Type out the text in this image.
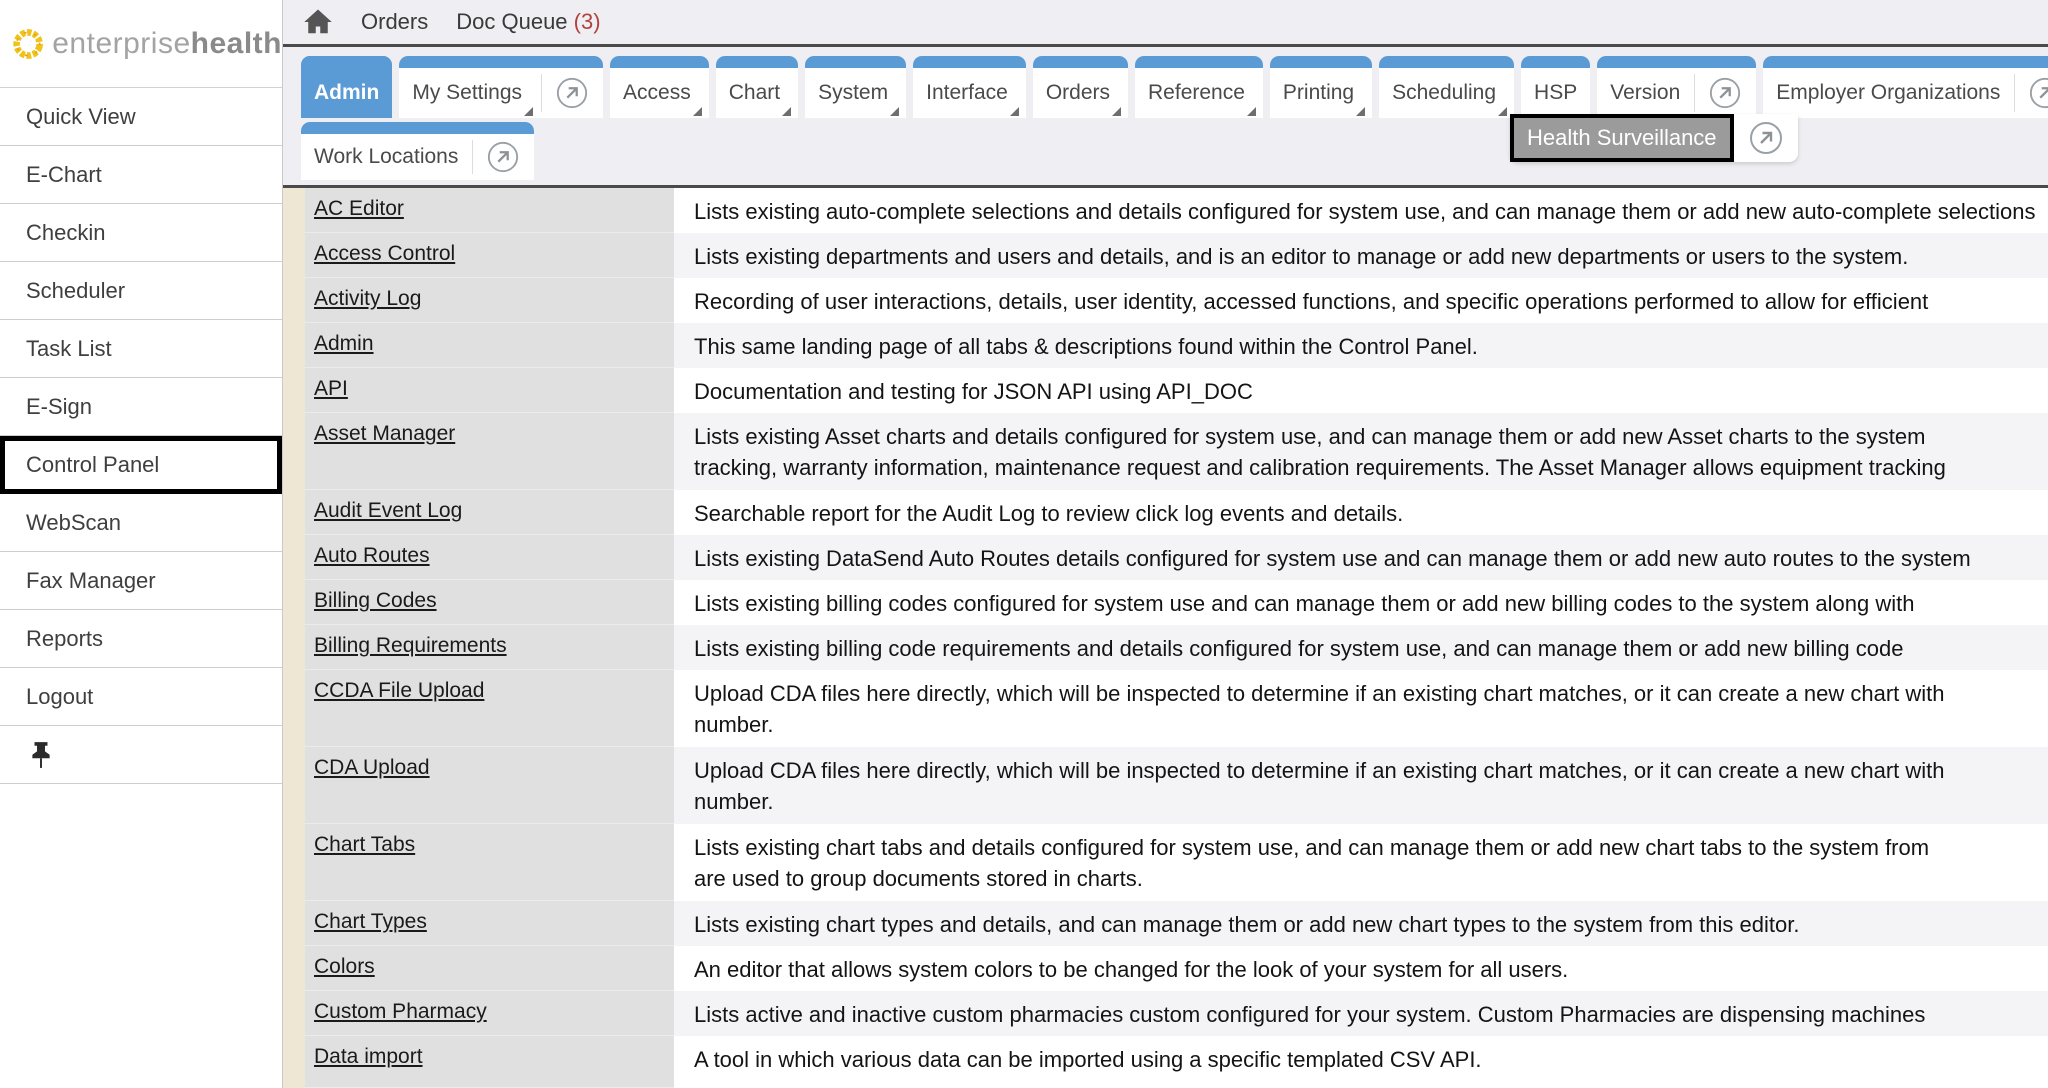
enterprisehealth
Quick View
E-Chart
Checkin
Scheduler
Task List
E-Sign
Control Panel
WebScan
Fax Manager
Reports
Logout
Orders Doc Queue (3)
Admin My Settings	Access Chart System Interface Orders Reference Printing Scheduling HSP Version	Employer Organizations
Work Locations
Health Surveillance
AC Editor	Lists existing auto-complete selections and details configured for system use, and can manage them or add new auto-complete selections
Access Control	Lists existing departments and users and details, and is an editor to manage or add new departments or users to the system.
Activity Log	Recording of user interactions, details, user identity, accessed functions, and specific operations performed to allow for efficient
Admin	This same landing page of all tabs & descriptions found within the Control Panel.
API	Documentation and testing for JSON API using API_DOC
Asset Manager	Lists existing Asset charts and details configured for system use, and can manage them or add new Asset charts to the system
tracking, warranty information, maintenance request and calibration requirements. The Asset Manager allows equipment tracking
Audit Event Log	Searchable report for the Audit Log to review click log events and details.
Auto Routes	Lists existing DataSend Auto Routes details configured for system use and can manage them or add new auto routes to the system
Billing Codes	Lists existing billing codes configured for system use and can manage them or add new billing codes to the system along with
Billing Requirements	Lists existing billing code requirements and details configured for system use, and can manage them or add new billing code
CCDA File Upload	Upload CDA files here directly, which will be inspected to determine if an existing chart matches, or it can create a new chart with
number.
CDA Upload	Upload CDA files here directly, which will be inspected to determine if an existing chart matches, or it can create a new chart with
number.
Chart Tabs	Lists existing chart tabs and details configured for system use, and can manage them or add new chart tabs to the system from
are used to group documents stored in charts.
Chart Types	Lists existing chart types and details, and can manage them or add new chart types to the system from this editor.
Colors	An editor that allows system colors to be changed for the look of your system for all users.
Custom Pharmacy	Lists active and inactive custom pharmacies custom configured for your system. Custom Pharmacies are dispensing machines
Data import	A tool in which various data can be imported using a specific templated CSV API.
